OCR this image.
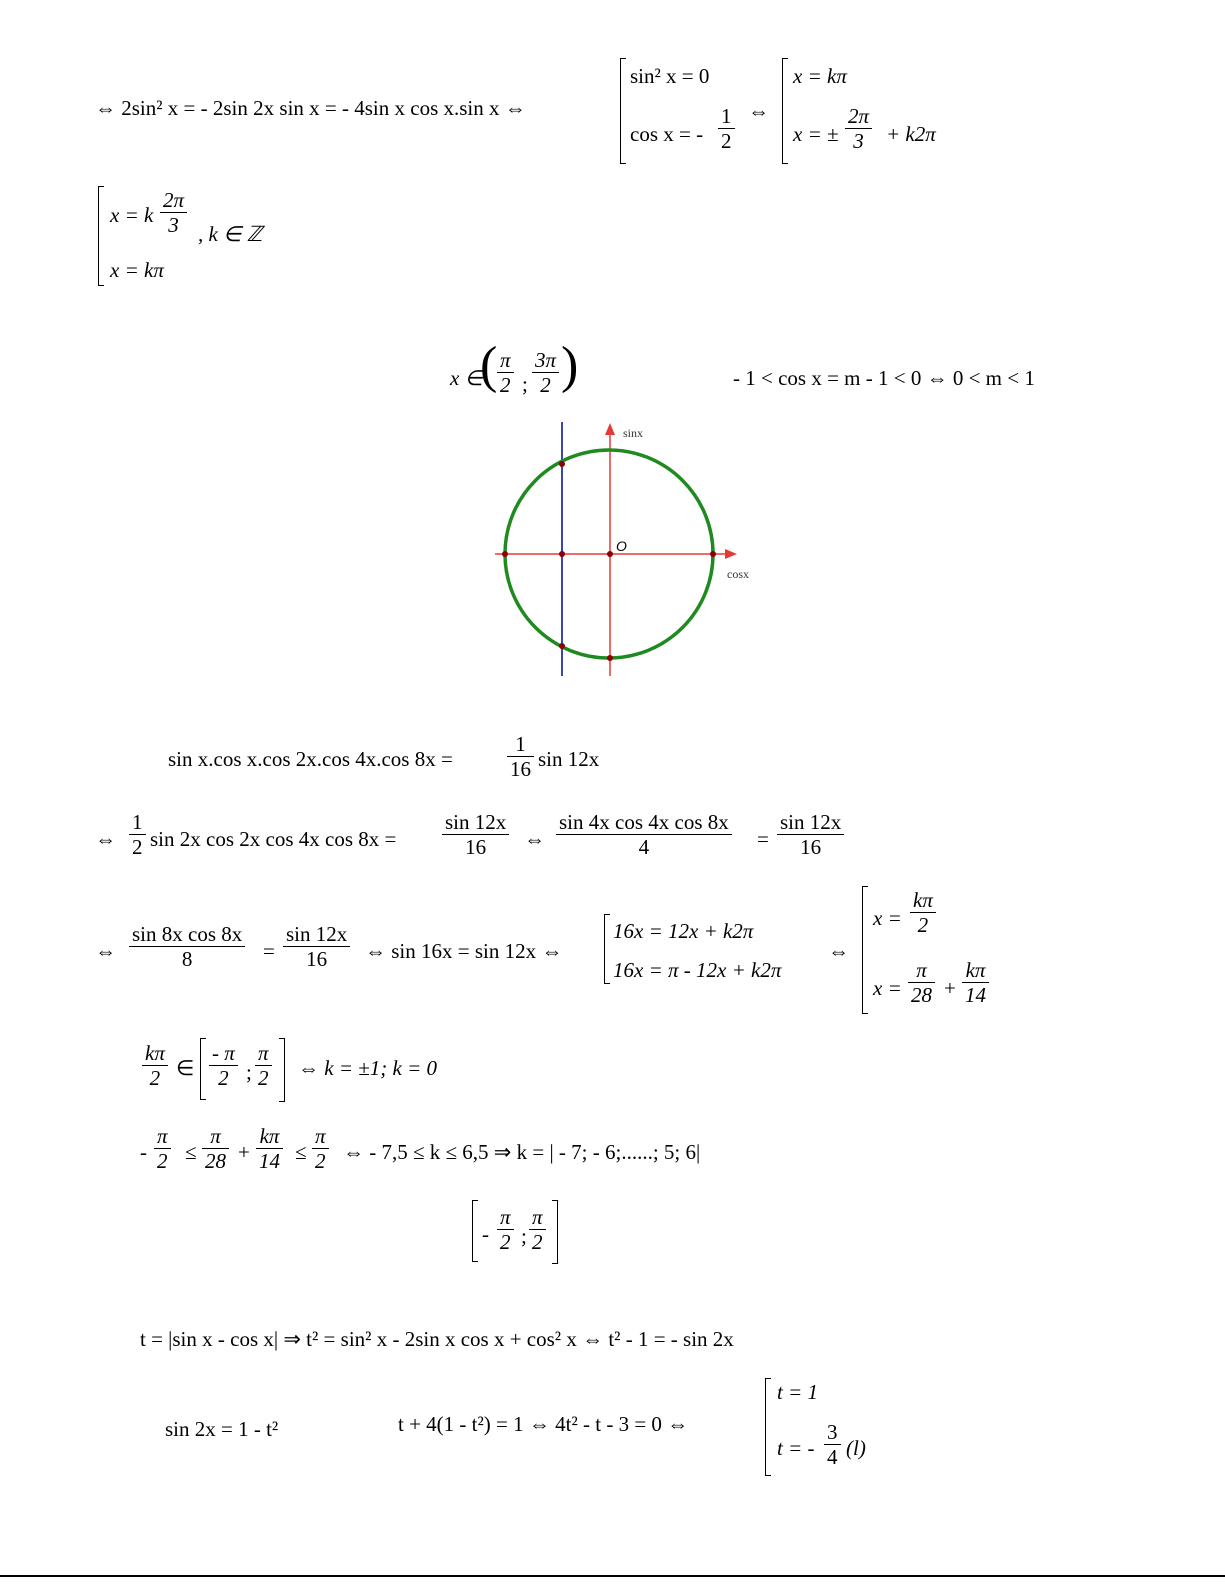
⇔ 2sin² x = - 2sin 2x sin x = - 4sin x cos x.sin x ⇔
sin² x = 0
cos x = - $\frac{1}{2}$ ⇔
x = kπ
x = ± $\frac{2\pi}{3} + k2\pi$
x = k $\frac{2\pi}{3}$ , k ∈ ℤ
x = kπ
x ∈
( $\frac{\pi}{2}$ ; $\frac{3\pi}{2}$ )	- 1 < cos x = m - 1 < 0 ⇔ 0 < m < 1
sinx
cosx
O
sin x.cos x.cos 2x.cos 4x.cos 8x =	$\frac{1}{16}$ sin 12x
⇔ $\frac{1}{2}$ sin 2x cos 2x cos 4x $\cos 8x = \frac{\sin 12x}{16}$ ⇔ $\frac{\text{sin 4x cos 4x cos 8x}}{4} = \frac{\sin 12x}{16}$
⇔ $\frac{\text{sin 8x cos 8x}}{8} = \frac{\sin 12x}{16}$ ⇔ sin 16x = sin 12x ⇔
16x = 12x + k2π
16x = π - 12x + k2π
⇔
$x = \frac{k\pi}{2}$
$x = \frac{\pi}{28} + \frac{k\pi}{14}$
$\frac{k\pi}{2}$ ∈ $\frac{- \pi}{2}$ ; $\frac{\pi}{2}$ ⇔ k = ±1; k = 0
- $\frac{\pi}{2} \le \frac{\pi}{28} + \frac{k\pi}{14} \le \frac{\pi}{2}$ ⇔ - 7,5 ≤ k ≤ 6,5 ⇒ k = | - 7; - 6;......; 5; 6|
- $\frac{\pi}{2}$ ; $\frac{\pi}{2}$
t = |sin x - cos x| ⇒ t² = sin² x - 2sin x cos x + cos² x ⇔ t² - 1 = - sin 2x
sin 2x = 1 - t²	t + 4(1 - t²) = 1 ⇔ 4t² - t - 3 = 0 ⇔
t = 1
t = - $\frac{3}{4} (l)$
